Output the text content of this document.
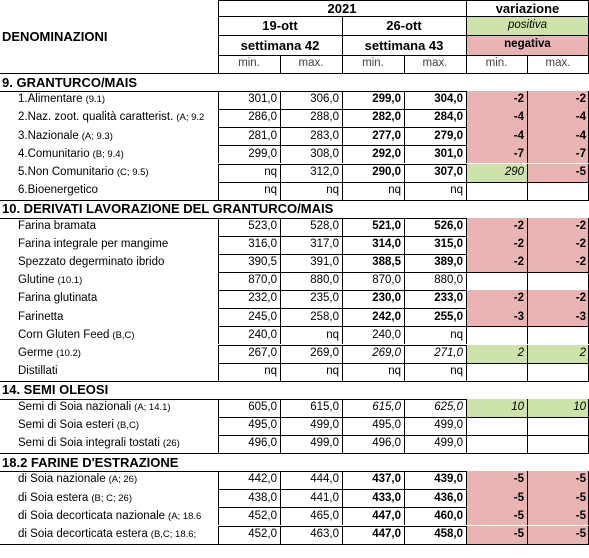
2021	variazione
DENOMINAZIONI
19-ott	26-ott	positiva
settimana 42	settimana 43	negativa
min.	max.	min.	max.	min.	max.
9. GRANTURCO/MAIS
1.Alimentare (9.1)	301,0	306,0	299,0	304,0	-2	-2
2.Naz. zoot. qualità caratterist. (A; 9.2	286,0	288,0	282,0	284,0	-4	-4
3.Nazionale (A; 9.3)	281,0	283,0	277,0	279,0	-4	-4
4.Comunitario (B; 9.4)	299,0	308,0	292,0	301,0	-7	-7
5.Non Comunitario (C; 9.5)	nq	312,0	290,0	307,0	290	-5
6.Bioenergetico	nq	nq	nq	nq
10. DERIVATI LAVORAZIONE DEL GRANTURCO/MAIS
Farina bramata	523,0	528,0	521,0	526,0	-2	-2
Farina integrale per mangime	316,0	317,0	314,0	315,0	-2	-2
Spezzato degerminato ibrido	390,5	391,0	388,5	389,0	-2	-2
Glutine (10.1)	870,0	880,0	870,0	880,0
Farina glutinata	232,0	235,0	230,0	233,0	-2	-2
Farinetta	245,0	258,0	242,0	255,0	-3	-3
Corn Gluten Feed (B,C)	240,0	nq	240,0	nq
Germe (10.2)	267,0	269,0	269,0	271,0	2	2
Distillati	nq	nq	nq	nq
14. SEMI OLEOSI
Semi di Soia nazionali (A; 14.1)	605,0	615,0	615,0	625,0	10	10
Semi di Soia esteri (B,C)	495,0	499,0	495,0	499,0
Semi di Soia integrali tostati (26)	496,0	499,0	496,0	499,0
18.2 FARINE D'ESTRAZIONE
di Soia nazionale (A; 26)	442,0	444,0	437,0	439,0	-5	-5
di Soia estera (B; C; 26)	438,0	441,0	433,0	436,0	-5	-5
di Soia decorticata nazionale (A; 18.6	452,0	465,0	447,0	460,0	-5	-5
di Soia decorticata estera (B,C; 18.6;	452,0	463,0	447,0	458,0	-5	-5
